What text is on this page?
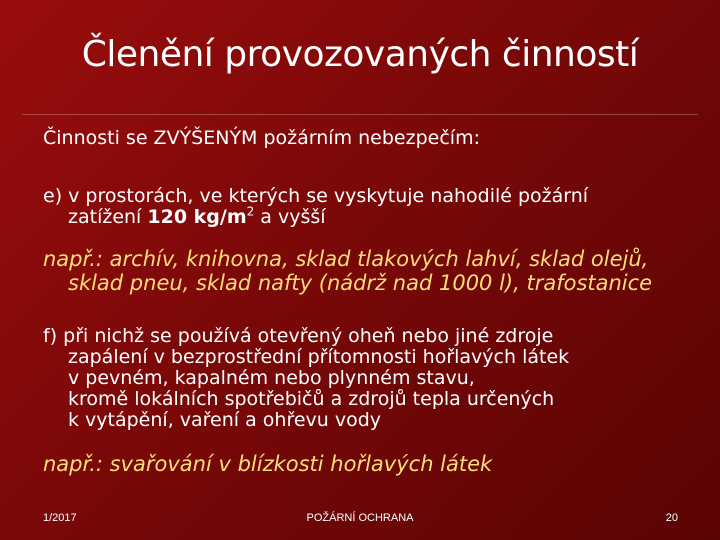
Členění provozovaných činností
Činnosti se ZVÝŠENÝM požárním nebezpečím:
e) v prostorách, ve kterých se vyskytuje nahodilé požární
zatížení 120 $kg/m^2$ a vyšší
např.: archív, knihovna, sklad tlakových lahví, sklad olejů,
sklad pneu, sklad nafty (nádrž nad 1000 l), trafostanice
f) při nichž se používá otevřený oheň nebo jiné zdroje
zapálení v bezprostřední přítomnosti hořlavých látek
v pevném, kapalném nebo plynném stavu,
kromě lokálních spotřebičů a zdrojů tepla určených
k vytápění, vaření a ohřevu vody
např.: svařování v blízkosti hořlavých látek
1/2017	POŽÁRNÍ OCHRANA	20
